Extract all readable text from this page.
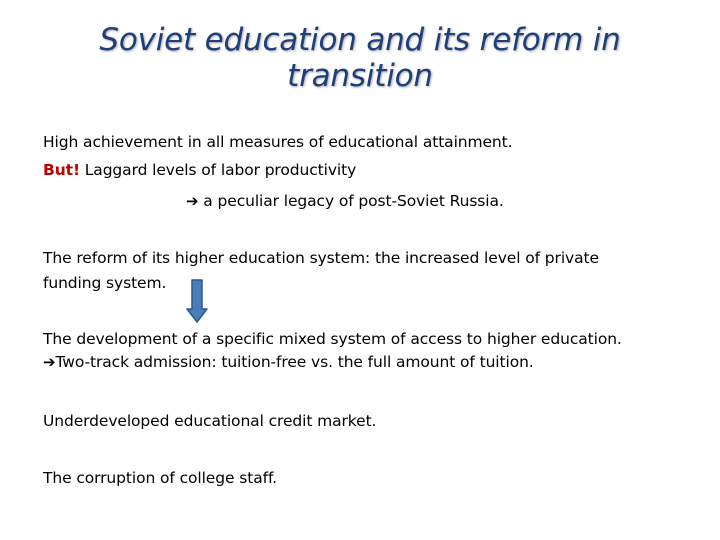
Soviet education and its reform in
transition
High achievement in all measures of educational attainment.
But! Laggard levels of labor productivity
➔ a peculiar legacy of post-Soviet Russia.
The reform of its higher education system: the increased level of private
funding system.
The development of a specific mixed system of access to higher education.
➔Two-track admission: tuition-free vs. the full amount of tuition.
Underdeveloped educational credit market.
The corruption of college staff.
